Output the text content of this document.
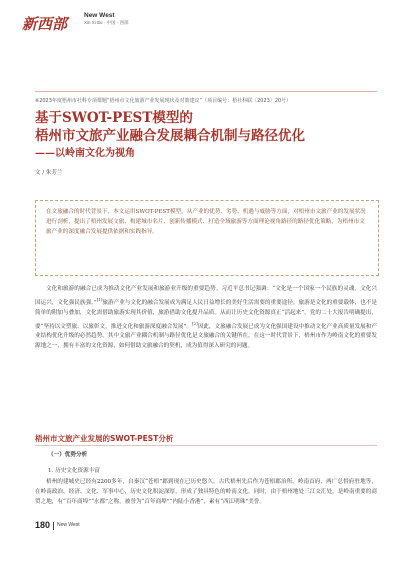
新西部	New West
Xin Xi Bu · 中国 · 西部
※2023年度梧州市社科专项课题“梧州市文化旅游产业发展现状及对策建议”（项目编号：梧社科联〔2023〕20号）
基于SWOT-PEST模型的
梧州市文旅产业融合发展耦合机制与路径优化
——以岭南文化为视角
文 / 朱芳兰
在文旅融合的时代背景下，本文运用SWOT-PEST模型，从产业的优势、劣势、机遇与威胁等方面，对梧州市文旅产业的发展状况进行剖析，提出了梧州发展文旅、构建城市名片、创新传播模式、打造全域旅游等方面理论视角路径的路径优化策略，为梧州市文旅产业的深度融合发展提供依据和实践指导。
文化和旅游的融合已成为推动文化产业发展和旅游业升级的重要趋势。习近平总书记强调：“文化是一个国家一个民族的灵魂，文化兴国运兴，文化强民族强。”[1]旅游产业与文化的融合发展成为满足人民日益增长的美好生活需要的重要途径，旅游是文化的重要载体，也不是简单的附加与叠加，文化需借助旅游实现其价值，旅游借助文化提升品质。从而让历史文化资源真正“活起来”。党的二十大报告明确提出，要“坚持以文塑旅、以旅彰文，推进文化和旅游深度融合发展”。[2]因此，文旅融合发展已成为文化强国建设中推动文化产业高质量发展和产业结构优化升级的必然趋势。其中文旅产业耦合机制与路径优化是文旅融合的关键所在。在这一时代背景下，梧州市作为岭南文化的重要发源地之一，拥有丰富的文化资源，如何借助文旅融合的契机，成为值得深入研究的问题。
梧州市文旅产业发展的SWOT-PEST分析
（一）优势分析
1. 历史文化资源丰富
梧州的建城史已经有2200多年，自秦汉“苍梧”郡到现在已历史悠久。古代梧州先后作为苍梧郡治所、岭南首府、两广总督府驻地等，在岭南政治、经济、文化、军事中心，历史文化积淀深厚，形成了独具特色的岭南文化。同时，由于梧州地处三江交汇处，是岭南重要的商贸之地，有“百年商埠”“水都”之称，被誉为“百年商埠”“内陆小香港”，素有“西江明珠”美誉。
180 New West
